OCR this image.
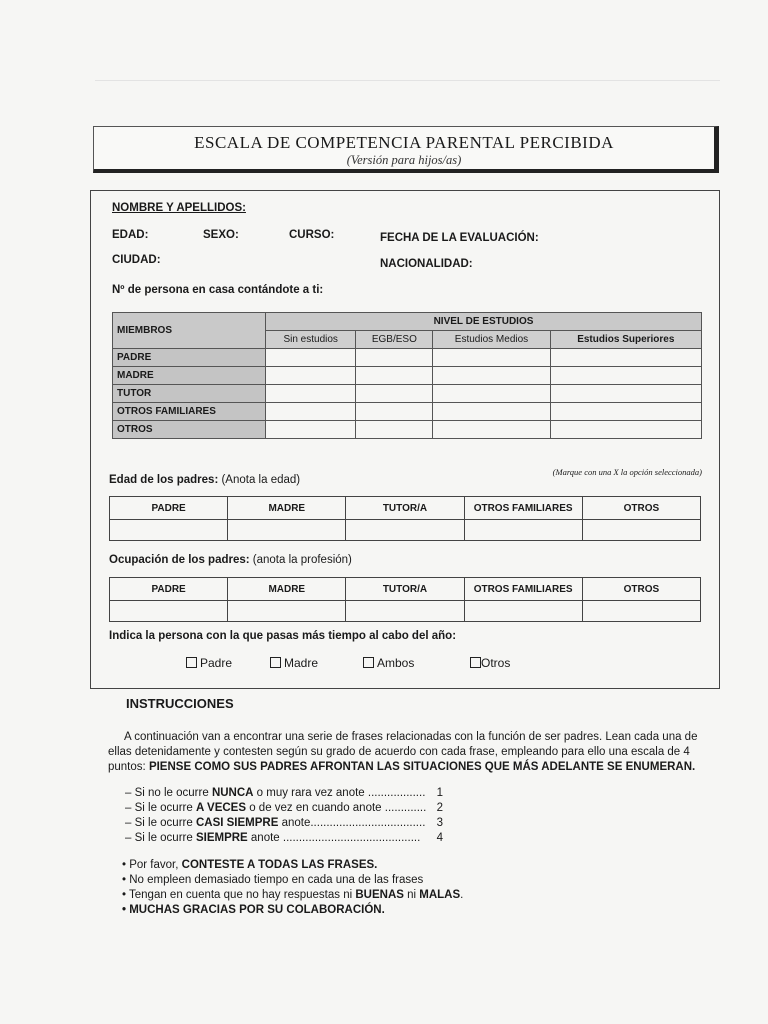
ESCALA DE COMPETENCIA PARENTAL PERCIBIDA
(Versión para hijos/as)
NOMBRE Y APELLIDOS:
EDAD:	SEXO:	CURSO:	FECHA DE LA EVALUACIÓN:
CIUDAD:	NACIONALIDAD:
Nº de persona en casa contándote a ti:
MIEMBROS	NIVEL DE ESTUDIOS			
	Sin estudios	EGB/ESO	Estudios Medios	Estudios Superiores
PADRE				
MADRE				
TUTOR				
OTROS FAMILIARES				
OTROS				
(Marque con una X la opción seleccionada)
Edad de los padres: (Anota la edad)
PADRE	MADRE	TUTOR/A	OTROS FAMILIARES	OTROS

Ocupación de los padres: (anota la profesión)
PADRE	MADRE	TUTOR/A	OTROS FAMILIARES	OTROS

Indica la persona con la que pasas más tiempo al cabo del año:
Padre	Madre	Ambos	Otros
INSTRUCCIONES
A continuación van a encontrar una serie de frases relacionadas con la función de ser padres. Lean cada una de ellas detenidamente y contesten según su grado de acuerdo con cada frase, empleando para ello una escala de 4 puntos: PIENSE COMO SUS PADRES AFRONTAN LAS SITUACIONES QUE MÁS ADELANTE SE ENUMERAN.
– Si no le ocurre NUNCA o muy rara vez anote .................. 1
– Si le ocurre A VECES o de vez en cuando anote ............. 2
– Si le ocurre CASI SIEMPRE anote.................................... 3
– Si le ocurre SIEMPRE anote ........................................... 4
• Por favor, CONTESTE A TODAS LAS FRASES.
• No empleen demasiado tiempo en cada una de las frases
• Tengan en cuenta que no hay respuestas ni BUENAS ni MALAS.
• MUCHAS GRACIAS POR SU COLABORACIÓN.
